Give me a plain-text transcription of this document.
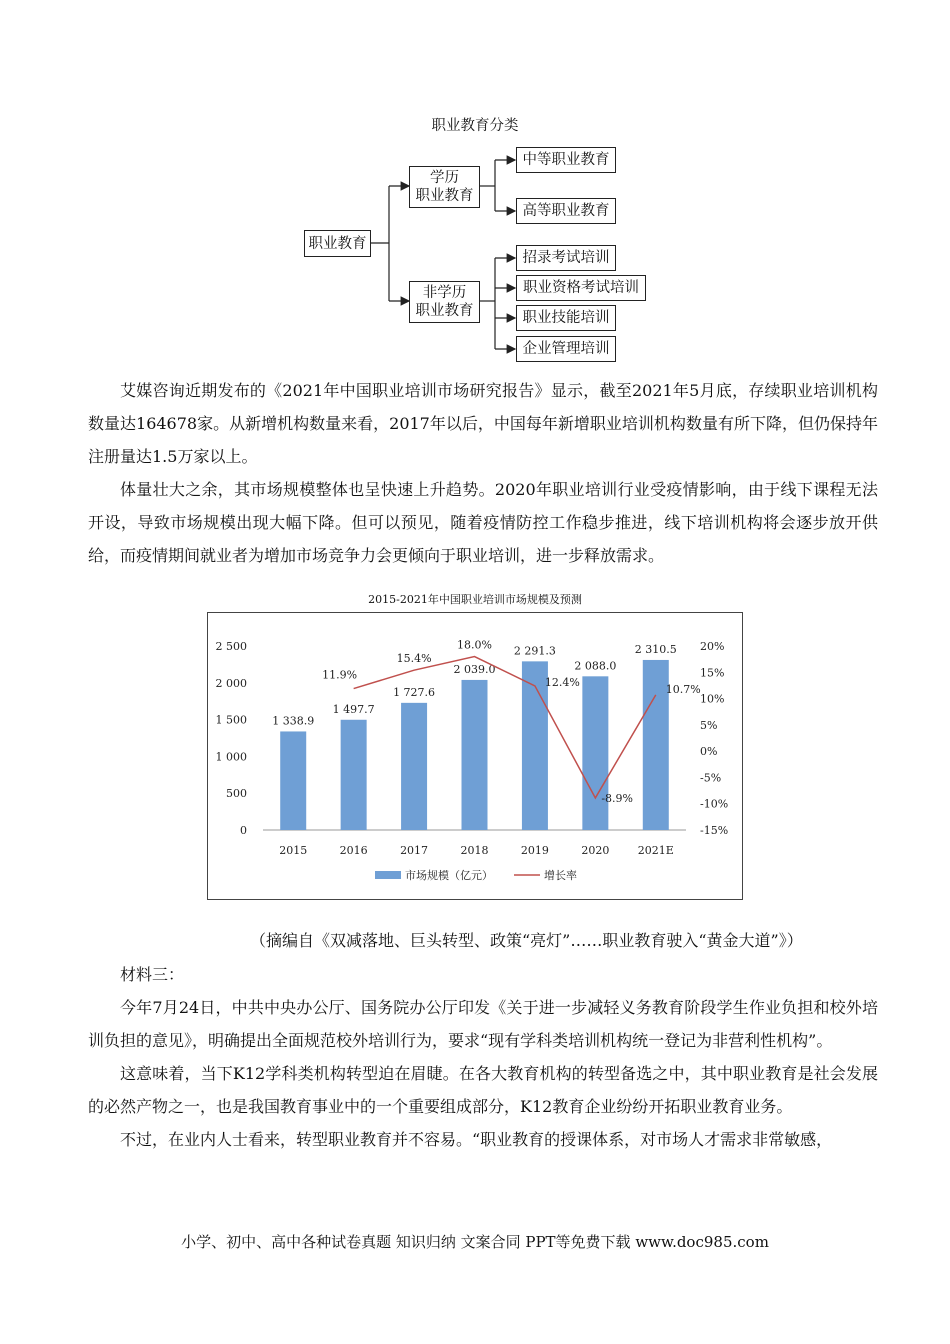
职业教育分类
职业教育
学历
职业教育
非学历
职业教育
中等职业教育
高等职业教育
招录考试培训
职业资格考试培训
职业技能培训
企业管理培训

艾媒咨询近期发布的《2021年中国职业培训市场研究报告》显示，截至2021年5月底，存续职业培训机构数量达164678家。从新增机构数量来看，2017年以后，中国每年新增职业培训机构数量有所下降，但仍保持年注册量达1.5万家以上。

体量壮大之余，其市场规模整体也呈快速上升趋势。2020年职业培训行业受疫情影响，由于线下课程无法开设，导致市场规模出现大幅下降。但可以预见，随着疫情防控工作稳步推进，线下培训机构将会逐步放开供给，而疫情期间就业者为增加市场竞争力会更倾向于职业培训，进一步释放需求。

2015-2021年中国职业培训市场规模及预测
0
500
1 000
1 500
2 000
2 500
-15%
-10%
-5%
0%
5%
10%
15%
20%
1 338.9
2015
1 497.7
2016
1 727.6
2017
2 039.0
2018
2 291.3
2019
2 088.0
2020
2 310.5
2021E
11.9%
15.4%
18.0%
12.4%
-8.9%
10.7%
市场规模（亿元）	增长率
（摘编自《双减落地、巨头转型、政策“亮灯”……职业教育驶入“黄金大道”》）

材料三：

今年7月24日，中共中央办公厅、国务院办公厅印发《关于进一步减轻义务教育阶段学生作业负担和校外培训负担的意见》，明确提出全面规范校外培训行为，要求“现有学科类培训机构统一登记为非营利性机构”。

这意味着，当下K12学科类机构转型迫在眉睫。在各大教育机构的转型备选之中，其中职业教育是社会发展的必然产物之一，也是我国教育事业中的一个重要组成部分，K12教育企业纷纷开拓职业教育业务。

不过，在业内人士看来，转型职业教育并不容易。“职业教育的授课体系，对市场人才需求非常敏感，

小学、初中、高中各种试卷真题 知识归纳 文案合同 PPT等免费下载 www.doc985.com
